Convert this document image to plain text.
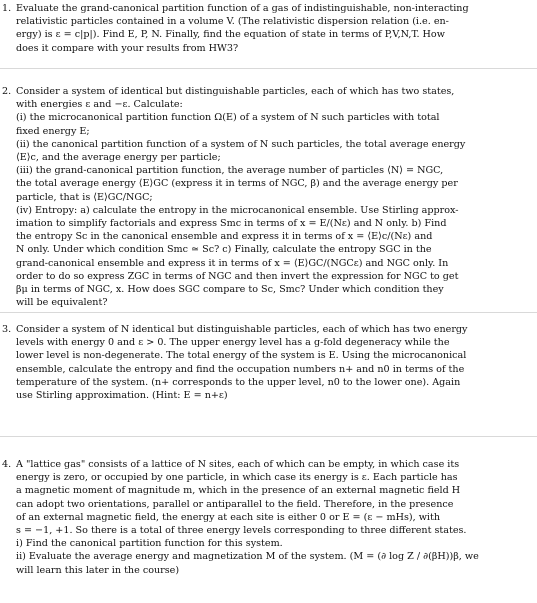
1. Evaluate the grand-canonical partition function of a gas of indistinguishable, non-interacting
relativistic particles contained in a volume V. (The relativistic dispersion relation (i.e. en-
ergy) is ε = c|p|). Find E, P, N. Finally, find the equation of state in terms of P,V,N,T. How
does it compare with your results from HW3?
2. Consider a system of identical but distinguishable particles, each of which has two states,
with energies ε and −ε. Calculate:
(i) the microcanonical partition function Ω(E) of a system of N such particles with total
fixed energy E;
(ii) the canonical partition function of a system of N such particles, the total average energy
⟨E⟩c, and the average energy per particle;
(iii) the grand-canonical partition function, the average number of particles ⟨N⟩ = NGC,
the total average energy ⟨E⟩GC (express it in terms of NGC, β) and the average energy per
particle, that is ⟨E⟩GC/NGC;
(iv) Entropy: a) calculate the entropy in the microcanonical ensemble. Use Stirling approx-
imation to simplify factorials and express Smc in terms of x = E/(Nε) and N only. b) Find
the entropy Sc in the canonical ensemble and express it in terms of x = ⟨E⟩c/(Nε) and
N only. Under which condition Smc ≃ Sc? c) Finally, calculate the entropy SGC in the
grand-canonical ensemble and express it in terms of x = ⟨E⟩GC/(NGCε) and NGC only. In
order to do so express ZGC in terms of NGC and then invert the expression for NGC to get
βμ in terms of NGC, x. How does SGC compare to Sc, Smc? Under which condition they
will be equivalent?
3. Consider a system of N identical but distinguishable particles, each of which has two energy
levels with energy 0 and ε > 0. The upper energy level has a g-fold degeneracy while the
lower level is non-degenerate. The total energy of the system is E. Using the microcanonical
ensemble, calculate the entropy and find the occupation numbers n+ and n0 in terms of the
temperature of the system. (n+ corresponds to the upper level, n0 to the lower one). Again
use Stirling approximation. (Hint: E = n+ε)
4. A "lattice gas" consists of a lattice of N sites, each of which can be empty, in which case its
energy is zero, or occupied by one particle, in which case its energy is ε. Each particle has
a magnetic moment of magnitude m, which in the presence of an external magnetic field H
can adopt two orientations, parallel or antiparallel to the field. Therefore, in the presence
of an external magnetic field, the energy at each site is either 0 or E = (ε − mHs), with
s = −1, +1. So there is a total of three energy levels corresponding to three different states.
i) Find the canonical partition function for this system.
ii) Evaluate the average energy and magnetization M of the system. (M = (∂ log Z / ∂(βH))β, we
will learn this later in the course)
